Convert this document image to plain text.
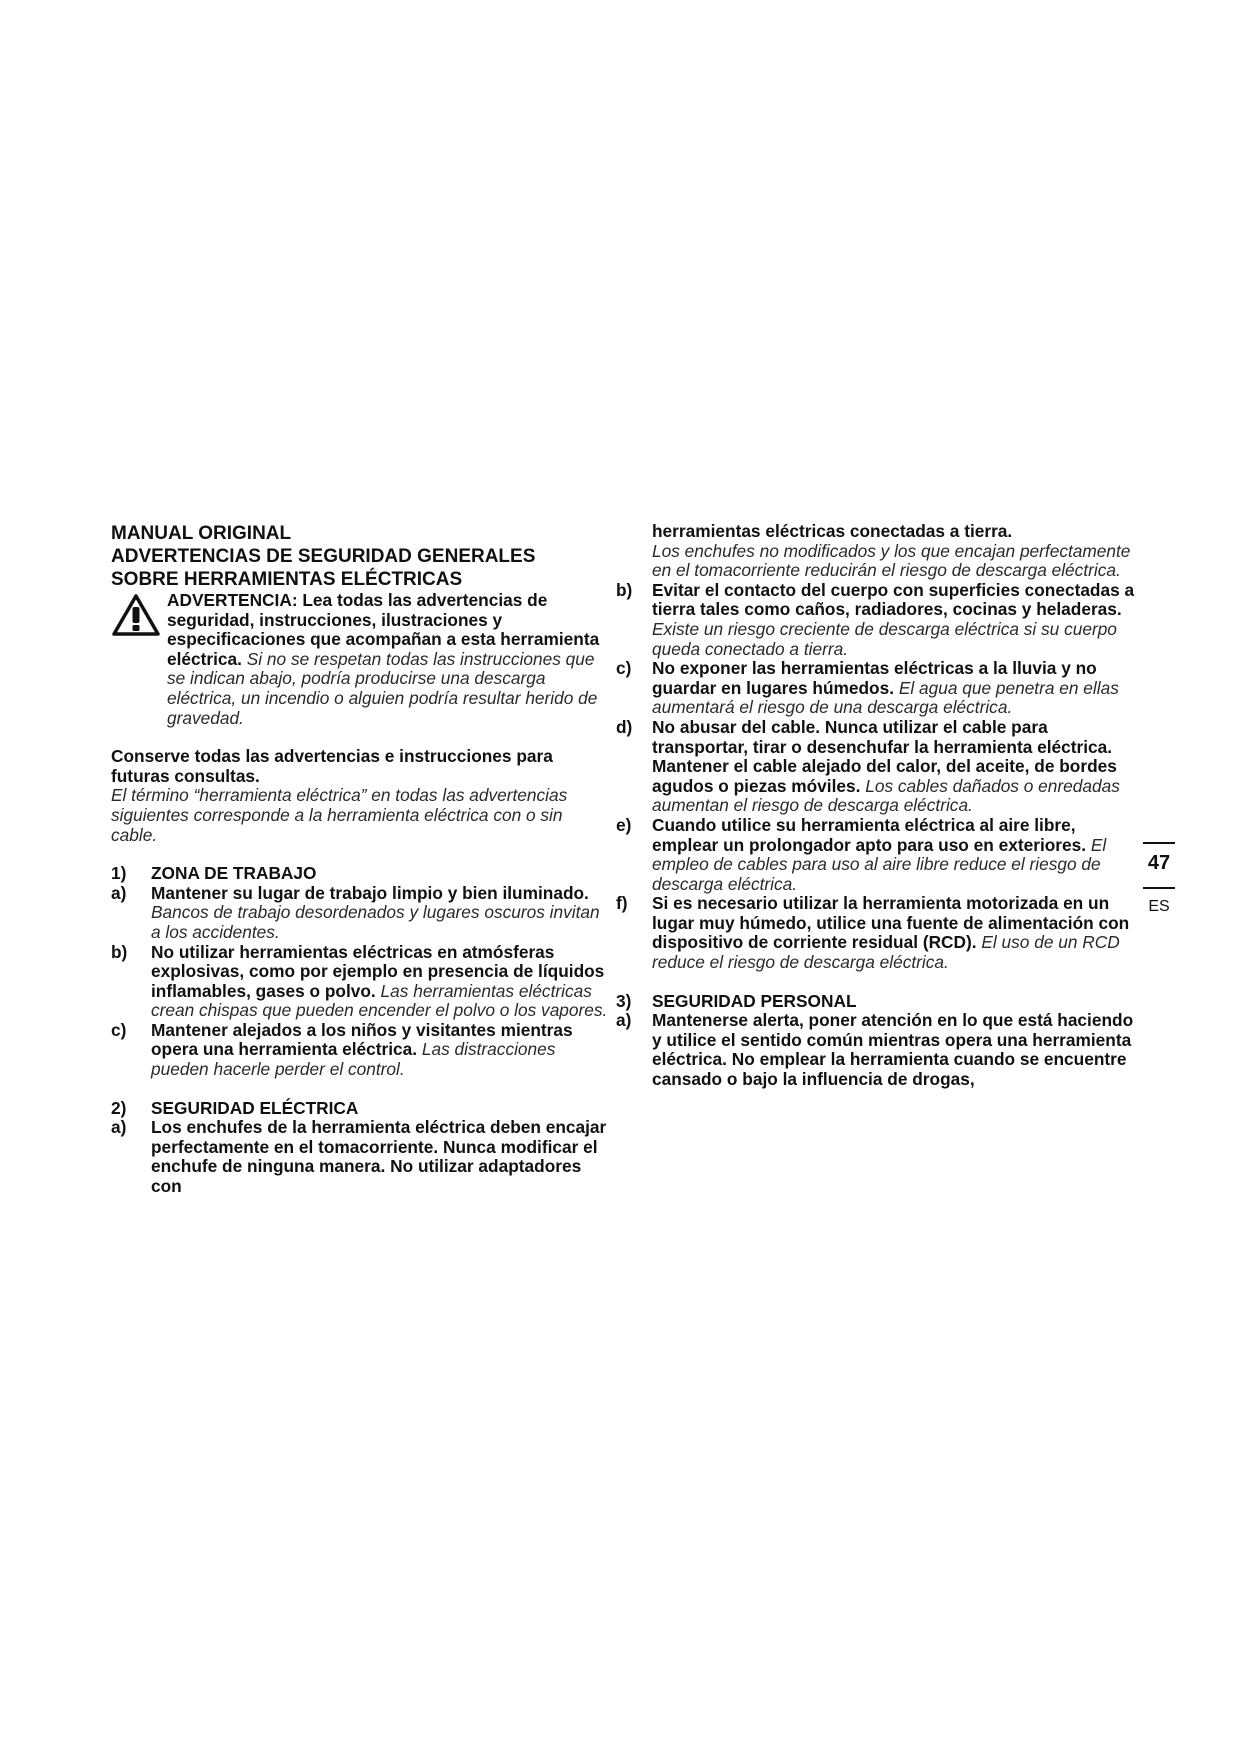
MANUAL ORIGINAL

ADVERTENCIAS DE SEGURIDAD GENERALES

SOBRE HERRAMIENTAS ELÉCTRICAS

ADVERTENCIA: Lea todas las advertencias de seguridad, instrucciones, ilustraciones y especificaciones que acompañan a esta herramienta eléctrica. Si no se respetan todas las instrucciones que se indican abajo, podría producirse una descarga eléctrica, un incendio o alguien podría resultar herido de gravedad.

Conserve todas las advertencias e instrucciones para futuras consultas.

El término “herramienta eléctrica” en todas las advertencias siguientes corresponde a la herramienta eléctrica con o sin cable.

1)	ZONA DE TRABAJO
a)	Mantener su lugar de trabajo limpio y bien iluminado. Bancos de trabajo desordenados y lugares oscuros invitan a los accidentes.
b)	No utilizar herramientas eléctricas en atmósferas explosivas, como por ejemplo en presencia de líquidos inflamables, gases o polvo. Las herramientas eléctricas crean chispas que pueden encender el polvo o los vapores.
c)	Mantener alejados a los niños y visitantes mientras opera una herramienta eléctrica. Las distracciones pueden hacerle perder el control.
2)	SEGURIDAD ELÉCTRICA
a)	Los enchufes de la herramienta eléctrica deben encajar perfectamente en el tomacorriente. Nunca modificar el enchufe de ninguna manera. No utilizar adaptadores con

herramientas eléctricas conectadas a tierra.

Los enchufes no modificados y los que encajan perfectamente en el tomacorriente reducirán el riesgo de descarga eléctrica.

b)	Evitar el contacto del cuerpo con superficies conectadas a tierra tales como caños, radiadores, cocinas y heladeras. Existe un riesgo creciente de descarga eléctrica si su cuerpo queda conectado a tierra.
c)	No exponer las herramientas eléctricas a la lluvia y no guardar en lugares húmedos. El agua que penetra en ellas aumentará el riesgo de una descarga eléctrica.
d)	No abusar del cable. Nunca utilizar el cable para transportar, tirar o desenchufar la herramienta eléctrica. Mantener el cable alejado del calor, del aceite, de bordes agudos o piezas móviles. Los cables dañados o enredadas aumentan el riesgo de descarga eléctrica.
e)	Cuando utilice su herramienta eléctrica al aire libre, emplear un prolongador apto para uso en exteriores. El empleo de cables para uso al aire libre reduce el riesgo de descarga eléctrica.
f)	Si es necesario utilizar la herramienta motorizada en un lugar muy húmedo, utilice una fuente de alimentación con dispositivo de corriente residual (RCD). El uso de un RCD reduce el riesgo de descarga eléctrica.
3)	SEGURIDAD PERSONAL
a)	Mantenerse alerta, poner atención en lo que está haciendo y utilice el sentido común mientras opera una herramienta eléctrica. No emplear la herramienta cuando se encuentre cansado o bajo la influencia de drogas,
47
ES
